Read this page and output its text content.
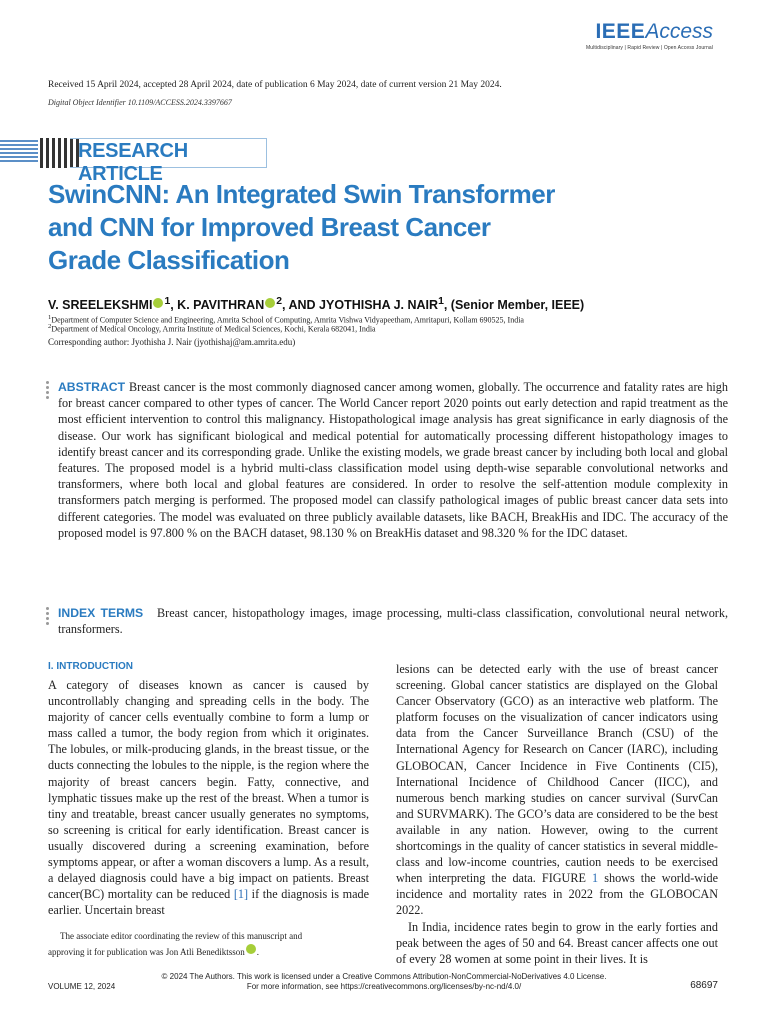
IEEEAccess
Multidisciplinary | Rapid Review | Open Access Journal
Received 15 April 2024, accepted 28 April 2024, date of publication 6 May 2024, date of current version 21 May 2024.
Digital Object Identifier 10.1109/ACCESS.2024.3397667
RESEARCH ARTICLE
SwinCNN: An Integrated Swin Transformer
and CNN for Improved Breast Cancer
Grade Classification
V. SREELEKSHMI $^1$, K. PAVITHRAN $^2$, AND JYOTHISHA J. NAIR$^1$, (Senior Member, IEEE)
$^1$Department of Computer Science and Engineering, Amrita School of Computing, Amrita Vishwa Vidyapeetham, Amritapuri, Kollam 690525, India
$^2$Department of Medical Oncology, Amrita Institute of Medical Sciences, Kochi, Kerala 682041, India
Corresponding author: Jyothisha J. Nair (jyothishaj@am.amrita.edu)
ABSTRACT Breast cancer is the most commonly diagnosed cancer among women, globally. The occurrence and fatality rates are high for breast cancer compared to other types of cancer. The World Cancer report 2020 points out early detection and rapid treatment as the most efficient intervention to control this malignancy. Histopathological image analysis has great significance in early diagnosis of the disease. Our work has significant biological and medical potential for automatically processing different histopathology images to identify breast cancer and its corresponding grade. Unlike the existing models, we grade breast cancer by including both local and global features. The proposed model is a hybrid multi-class classification model using depth-wise separable convolutional networks and transformers, where both local and global features are considered. In order to resolve the self-attention module complexity in transformers patch merging is performed. The proposed model can classify pathological images of public breast cancer data sets into different categories. The model was evaluated on three publicly available datasets, like BACH, BreakHis and IDC. The accuracy of the proposed model is 97.800 % on the BACH dataset, 98.130 % on BreakHis dataset and 98.320 % for the IDC dataset.
INDEX TERMS Breast cancer, histopathology images, image processing, multi-class classification, convolutional neural network, transformers.
I. INTRODUCTION
A category of diseases known as cancer is caused by uncontrollably changing and spreading cells in the body. The majority of cancer cells eventually combine to form a lump or mass called a tumor, the body region from which it originates. The lobules, or milk-producing glands, in the breast tissue, or the ducts connecting the lobules to the nipple, is the region where the majority of breast cancers begin. Fatty, connective, and lymphatic tissues make up the rest of the breast. When a tumor is tiny and treatable, breast cancer usually generates no symptoms, so screening is critical for early identification. Breast cancer is usually discovered during a screening examination, before symptoms appear, or after a woman discovers a lump. As a result, a delayed diagnosis could have a big impact on patients. Breast cancer(BC) mortality can be reduced [1] if the diagnosis is made earlier. Uncertain breast

lesions can be detected early with the use of breast cancer screening. Global cancer statistics are displayed on the Global Cancer Observatory (GCO) as an interactive web platform. The platform focuses on the visualization of cancer indicators using data from the Cancer Surveillance Branch (CSU) of the International Agency for Research on Cancer (IARC), including GLOBOCAN, Cancer Incidence in Five Continents (CI5), International Incidence of Childhood Cancer (IICC), and numerous bench marking studies on cancer survival (SurvCan and SURVMARK). The GCO’s data are considered to be the best available in any nation. However, owing to the current shortcomings in the quality of cancer statistics in several middle-class and low-income countries, caution needs to be exercised when interpreting the data. FIGURE 1 shows the world-wide incidence and mortality rates in 2022 from the GLOBOCAN 2022.

In India, incidence rates begin to grow in the early forties and peak between the ages of 50 and 64. Breast cancer affects one out of every 28 women at some point in their lives. It is

The associate editor coordinating the review of this manuscript and
approving it for publication was Jon Atli Benediktsson .
© 2024 The Authors. This work is licensed under a Creative Commons Attribution-NonCommercial-NoDerivatives 4.0 License.
For more information, see https://creativecommons.org/licenses/by-nc-nd/4.0/
VOLUME 12, 2024	68697
